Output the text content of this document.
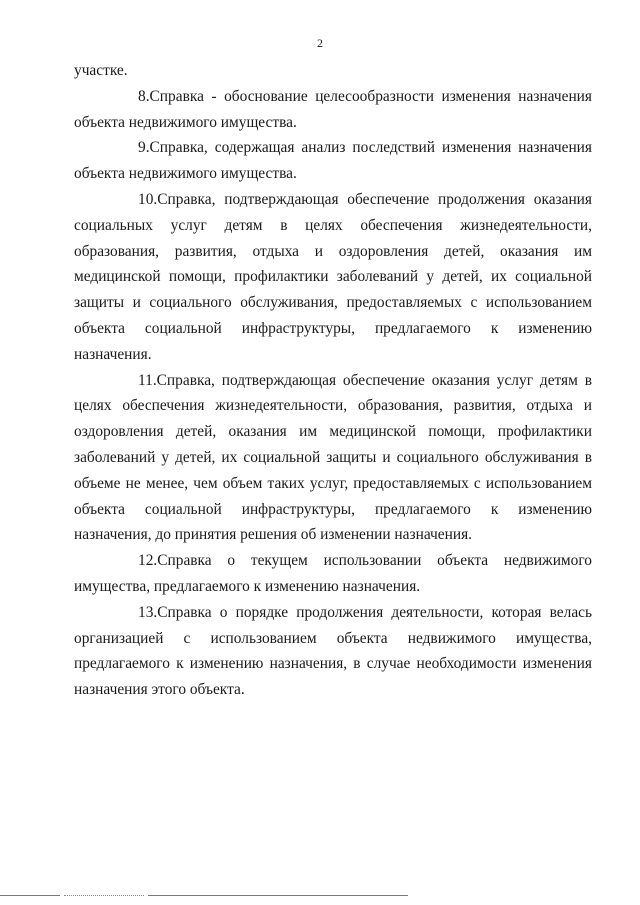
2

участке.

8.Справка - обоснование целесообразности изменения назначения объекта недвижимого имущества.

9.Справка, содержащая анализ последствий изменения назначения объекта недвижимого имущества.

10.Справка, подтверждающая обеспечение продолжения оказания социальных услуг детям в целях обеспечения жизнедеятельности, образования, развития, отдыха и оздоровления детей, оказания им медицинской помощи, профилактики заболеваний у детей, их социальной защиты и социального обслуживания, предоставляемых с использованием объекта социальной инфраструктуры, предлагаемого к изменению назначения.

11.Справка, подтверждающая обеспечение оказания услуг детям в целях обеспечения жизнедеятельности, образования, развития, отдыха и оздоровления детей, оказания им медицинской помощи, профилактики заболеваний у детей, их социальной защиты и социального обслуживания в объеме не менее, чем объем таких услуг, предоставляемых с использованием объекта социальной инфраструктуры, предлагаемого к изменению назначения, до принятия решения об изменении назначения.

12.Справка о текущем использовании объекта недвижимого имущества, предлагаемого к изменению назначения.

13.Справка о порядке продолжения деятельности, которая велась организацией с использованием объекта недвижимого имущества, предлагаемого к изменению назначения, в случае необходимости изменения назначения этого объекта.
